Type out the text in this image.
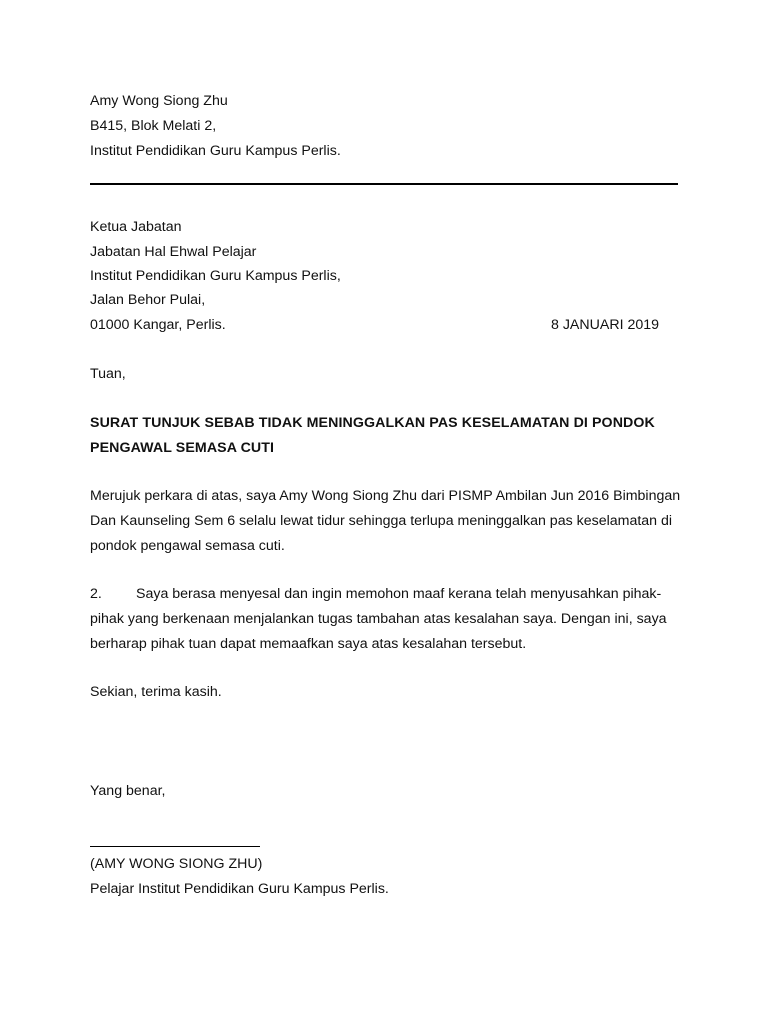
Amy Wong Siong Zhu
B415, Blok Melati 2,
Institut Pendidikan Guru Kampus Perlis.
Ketua Jabatan
Jabatan Hal Ehwal Pelajar
Institut Pendidikan Guru Kampus Perlis,
Jalan Behor Pulai,
01000 Kangar, Perlis.	8 JANUARI 2019
Tuan,
SURAT TUNJUK SEBAB TIDAK MENINGGALKAN PAS KESELAMATAN DI PONDOK
PENGAWAL SEMASA CUTI
Merujuk perkara di atas, saya Amy Wong Siong Zhu dari PISMP Ambilan Jun 2016 Bimbingan
Dan Kaunseling Sem 6 selalu lewat tidur sehingga terlupa meninggalkan pas keselamatan di
pondok pengawal semasa cuti.
2. Saya berasa menyesal dan ingin memohon maaf kerana telah menyusahkan pihak-
pihak yang berkenaan menjalankan tugas tambahan atas kesalahan saya. Dengan ini, saya
berharap pihak tuan dapat memaafkan saya atas kesalahan tersebut.
Sekian, terima kasih.
Yang benar,
(AMY WONG SIONG ZHU)
Pelajar Institut Pendidikan Guru Kampus Perlis.
